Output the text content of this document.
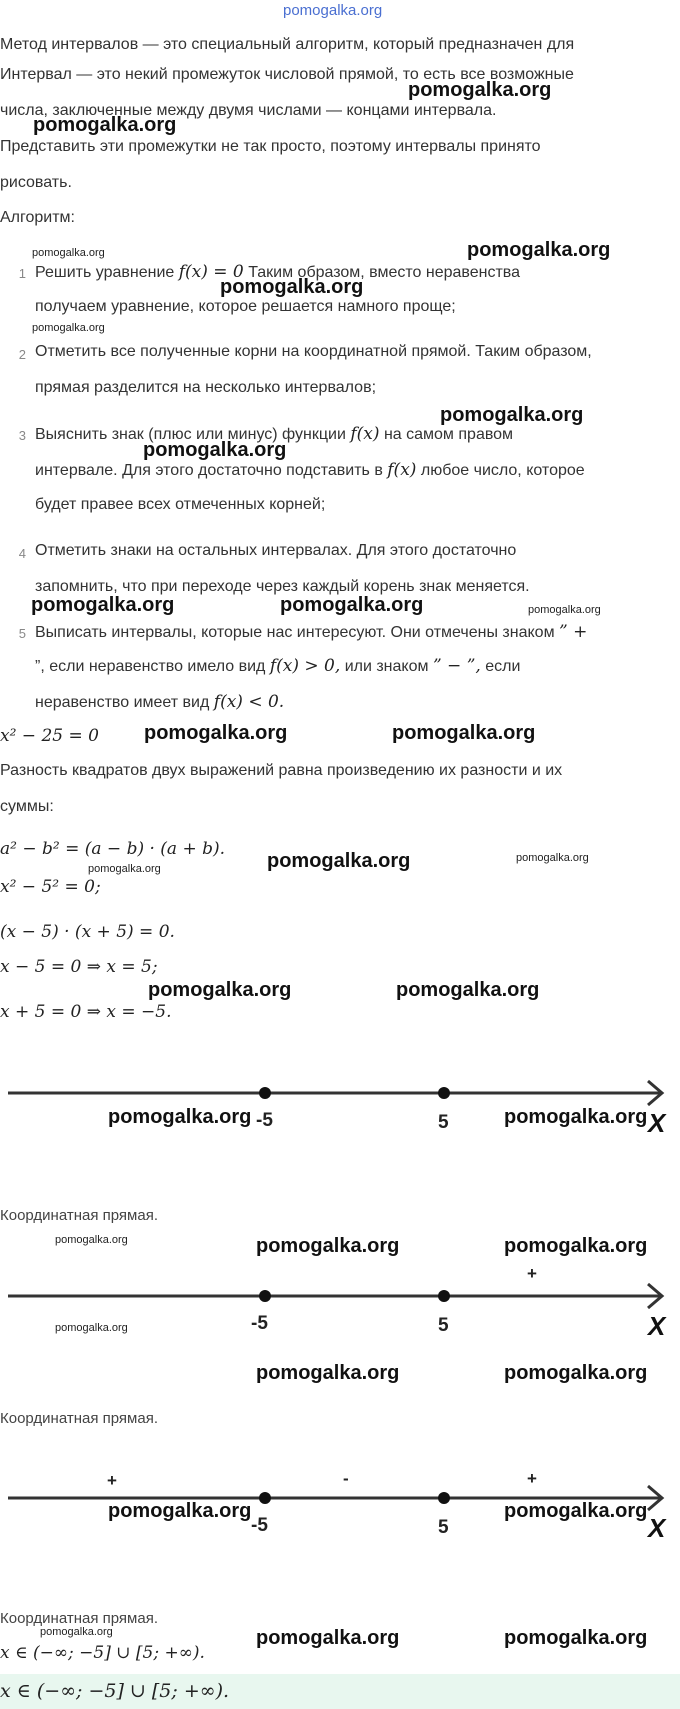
pomogalka.org
Метод интервалов — это специальный алгоритм, который предназначен для
Интервал — это некий промежуток числовой прямой, то есть все возможные
числа, заключенные между двумя числами — концами интервала.
Представить эти промежутки не так просто, поэтому интервалы принято
рисовать.
Алгоритм:
pomogalka.org
pomogalka.org
pomogalka.org	pomogalka.org
pomogalka.org
pomogalka.org
1 Решить уравнение f(x) = 0 Таким образом, вместо неравенства
получаем уравнение, которое решается намного проще;
2 Отметить все полученные корни на координатной прямой. Таким образом,
прямая разделится на несколько интервалов;
pomogalka.org
3 Выяснить знак (плюс или минус) функции f(x) на самом правом
pomogalka.org
интервале. Для этого достаточно подставить в f(x) любое число, которое
будет правее всех отмеченных корней;
4 Отметить знаки на остальных интервалах. Для этого достаточно
запомнить, что при переходе через каждый корень знак меняется.
pomogalka.org	pomogalka.org	pomogalka.org
5 Выписать интервалы, которые нас интересуют. Они отмечены знаком ” +
”, если неравенство имело вид f(x) > 0, или знаком ” − ”, если
неравенство имеет вид f(x) < 0.
x² − 25 = 0 pomogalka.org	pomogalka.org
Разность квадратов двух выражений равна произведению их разности и их
суммы:
a² − b² = (a − b) · (a + b).
pomogalka.org	pomogalka.org	pomogalka.org
x² − 5² = 0;
(x − 5) · (x + 5) = 0.
x − 5 = 0 ⇒ x = 5;
pomogalka.org	pomogalka.org
x + 5 = 0 ⇒ x = −5.
-5	5	X
pomogalka.org	pomogalka.org
Координатная прямая.
pomogalka.org	pomogalka.org	pomogalka.org
+
-5	5	X
pomogalka.org
pomogalka.org	pomogalka.org
Координатная прямая.
+	-	+
-5	5	X
pomogalka.org	pomogalka.org
Координатная прямая.
pomogalka.org	pomogalka.org	pomogalka.org
x ∈ (−∞; −5] ∪ [5; +∞).
x ∈ (−∞; −5] ∪ [5; +∞).
